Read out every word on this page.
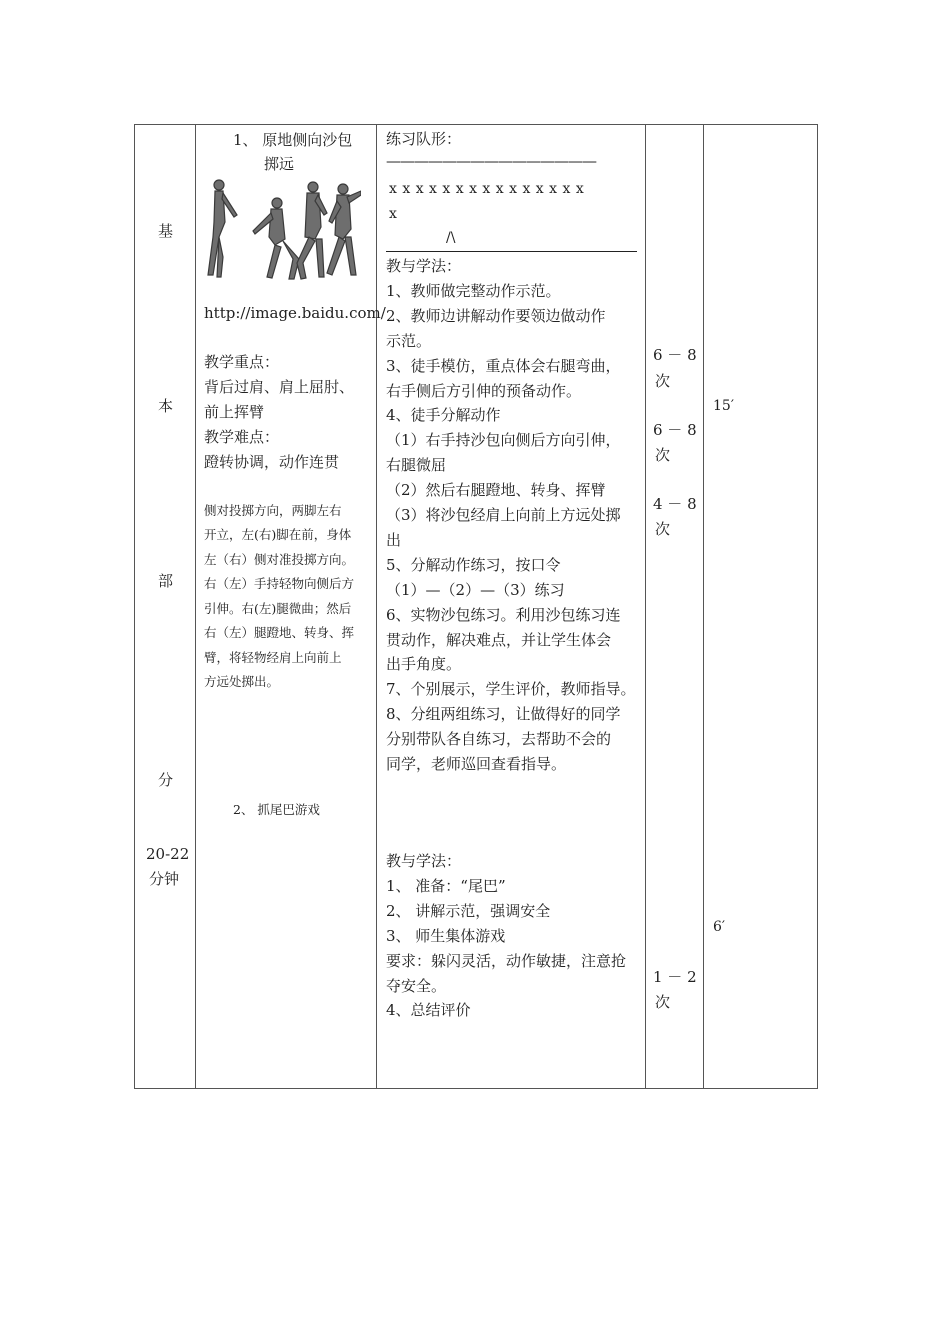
基
本
部
分
20-22
分钟
1、 原地侧向沙包
掷远
http://image.baidu.com/
教学重点：
背后过肩、肩上屈肘、
前上挥臂
教学难点：
蹬转协调，动作连贯
侧对投掷方向，两脚左右
开立，左(右)脚在前，身体
左（右）侧对准投掷方向。
右（左）手持轻物向侧后方
引伸。右(左)腿微曲；然后
右（左）腿蹬地、转身、挥
臂，将轻物经肩上向前上
方远处掷出。
2、 抓尾巴游戏
练习队形：
———————————————
x x x x x x x x x x x x x x x
x
/\
教与学法：
1、教师做完整动作示范。
2、教师边讲解动作要领边做动作
示范。
3、徒手模仿，重点体会右腿弯曲，
右手侧后方引伸的预备动作。
4、徒手分解动作
（1）右手持沙包向侧后方向引伸，
右腿微屈
（2）然后右腿蹬地、转身、挥臂
（3）将沙包经肩上向前上方远处掷
出
5、分解动作练习，按口令
（1）—（2）—（3）练习
6、实物沙包练习。利用沙包练习连
贯动作，解决难点，并让学生体会
出手角度。
7、个别展示，学生评价，教师指导。
8、分组两组练习，让做得好的同学
分别带队各自练习，去帮助不会的
同学，老师巡回查看指导。
教与学法：
1、 准备：“尾巴”
2、 讲解示范，强调安全
3、 师生集体游戏
要求：躲闪灵活，动作敏捷，注意抢
夺安全。
4、总结评价
6 － 8
次
6 － 8
次
4 － 8
次
1 － 2
次
15′
6′
